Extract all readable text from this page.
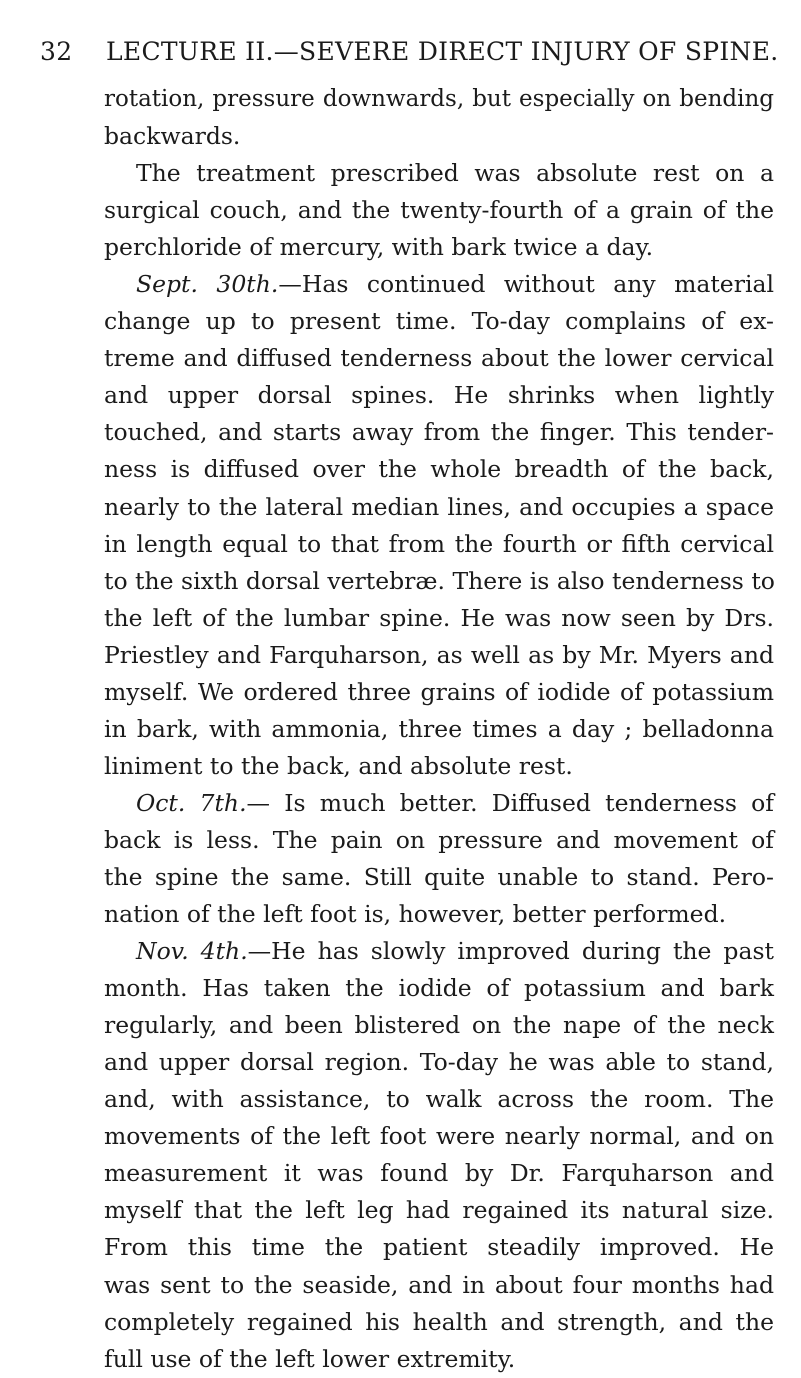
32 LECTURE II.—SEVERE DIRECT INJURY OF SPINE.
rotation, pressure downwards, but especially on bending
backwards.
The treatment prescribed was absolute rest on a
surgical couch, and the twenty-fourth of a grain of the
perchloride of mercury, with bark twice a day.
Sept. 30th.—Has continued without any material
change up to present time. To-day complains of ex-
treme and diffused tenderness about the lower cervical
and upper dorsal spines. He shrinks when lightly
touched, and starts away from the finger. This tender-
ness is diffused over the whole breadth of the back,
nearly to the lateral median lines, and occupies a space
in length equal to that from the fourth or fifth cervical
to the sixth dorsal vertebræ. There is also tenderness to
the left of the lumbar spine. He was now seen by Drs.
Priestley and Farquharson, as well as by Mr. Myers and
myself. We ordered three grains of iodide of potassium
in bark, with ammonia, three times a day ; belladonna
liniment to the back, and absolute rest.
Oct. 7th.— Is much better. Diffused tenderness of
back is less. The pain on pressure and movement of
the spine the same. Still quite unable to stand. Pero-
nation of the left foot is, however, better performed.
Nov. 4th.—He has slowly improved during the past
month. Has taken the iodide of potassium and bark
regularly, and been blistered on the nape of the neck
and upper dorsal region. To-day he was able to stand,
and, with assistance, to walk across the room. The
movements of the left foot were nearly normal, and on
measurement it was found by Dr. Farquharson and
myself that the left leg had regained its natural size.
From this time the patient steadily improved. He
was sent to the seaside, and in about four months had
completely regained his health and strength, and the
full use of the left lower extremity.
